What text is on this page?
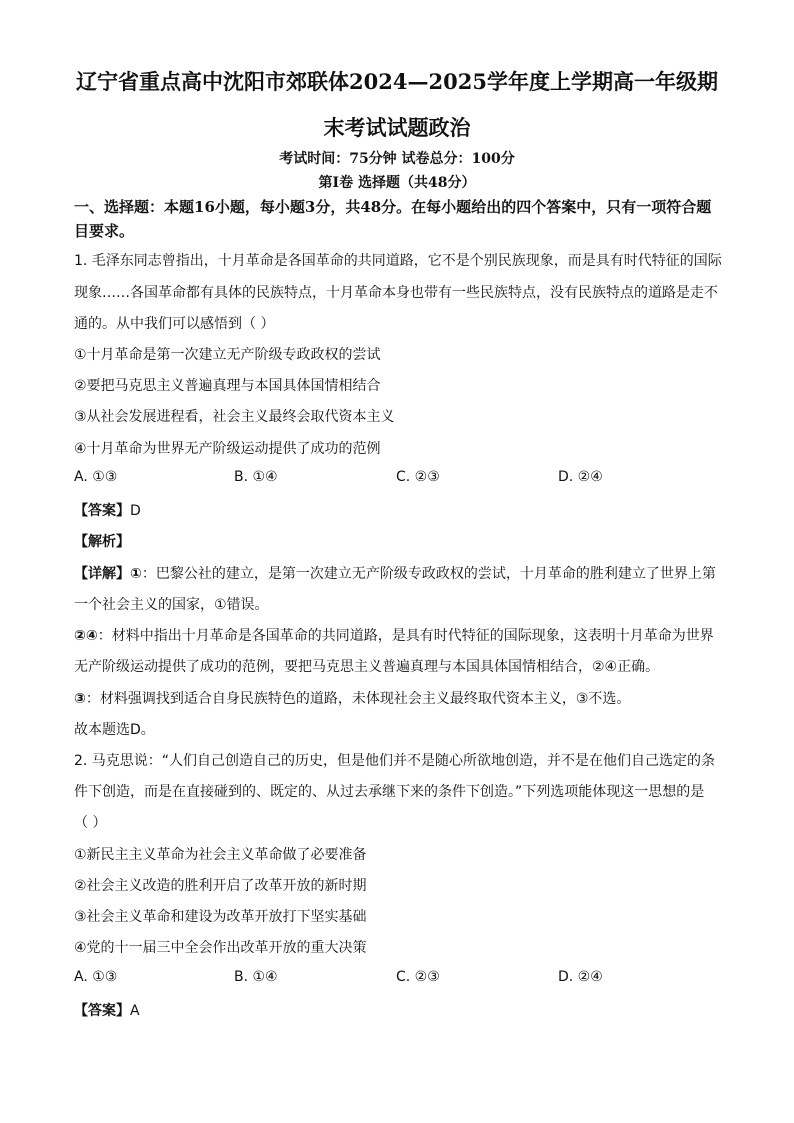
辽宁省重点高中沈阳市郊联体2024—2025学年度上学期高一年级期
末考试试题政治
考试时间：75分钟 试卷总分：100分
第Ⅰ卷 选择题（共48分）
一、选择题：本题16小题，每小题3分，共48分。在每小题给出的四个答案中，只有一项符合题目要求。
1. 毛泽东同志曾指出，十月革命是各国革命的共同道路，它不是个别民族现象，而是具有时代特征的国际
现象……各国革命都有具体的民族特点，十月革命本身也带有一些民族特点，没有民族特点的道路是走不
通的。从中我们可以感悟到（ ）
①十月革命是第一次建立无产阶级专政政权的尝试
②要把马克思主义普遍真理与本国具体国情相结合
③从社会发展进程看，社会主义最终会取代资本主义
④十月革命为世界无产阶级运动提供了成功的范例
A. ①③	B. ①④	C. ②③	D. ②④
【答案】D
【解析】
【详解】①：巴黎公社的建立，是第一次建立无产阶级专政政权的尝试，十月革命的胜利建立了世界上第
一个社会主义的国家，①错误。
②④：材料中指出十月革命是各国革命的共同道路，是具有时代特征的国际现象，这表明十月革命为世界
无产阶级运动提供了成功的范例，要把马克思主义普遍真理与本国具体国情相结合，②④正确。
③：材料强调找到适合自身民族特色的道路，未体现社会主义最终取代资本主义，③不选。
故本题选D。
2. 马克思说：“人们自己创造自己的历史，但是他们并不是随心所欲地创造，并不是在他们自己选定的条
件下创造，而是在直接碰到的、既定的、从过去承继下来的条件下创造。”下列选项能体现这一思想的是
（ ）
①新民主主义革命为社会主义革命做了必要准备
②社会主义改造的胜利开启了改革开放的新时期
③社会主义革命和建设为改革开放打下坚实基础
④党的十一届三中全会作出改革开放的重大决策
A. ①③	B. ①④	C. ②③	D. ②④
【答案】A
